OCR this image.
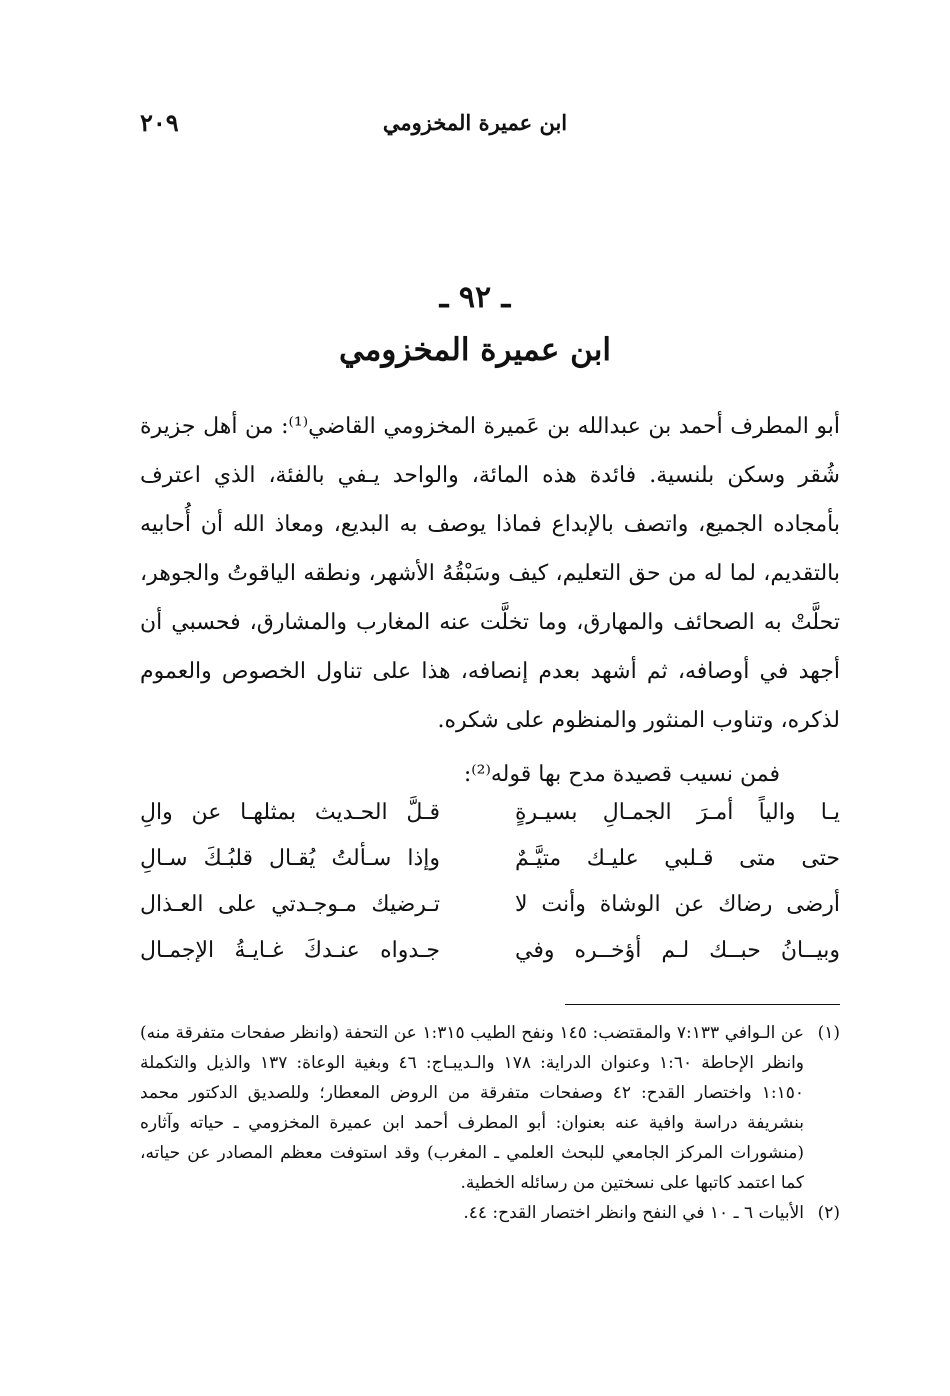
ابن عميرة المخزومي
٢٠٩
ـ ٩٢ ـ
ابن عميرة المخزومي

أبو المطرف أحمد بن عبدالله بن عَميرة المخزومي القاضي⁽¹⁾: من أهل جزيرة شُقر وسكن بلنسية. فائدة هذه المائة، والواحد يـفي بالفئة، الذي اعترف بأمجاده الجميع، واتصف بالإبداع فماذا يوصف به البديع، ومعاذ الله أن أُحابيه بالتقديم، لما له من حق التعليم، كيف وسَبْقُهُ الأشهر، ونطقه الياقوتُ والجوهر، تحلَّتْ به الصحائف والمهارق، وما تخلَّت عنه المغارب والمشارق، فحسبي أن أجهد في أوصافه، ثم أشهد بعدم إنصافه، هذا على تناول الخصوص والعموم لذكره، وتناوب المنثور والمنظوم على شكره.

فمن نسيب قصيدة مدح بها قوله⁽²⁾:
يـا والياً أمـرَ الجمـالِ بسيـرةٍ
قـلَّ الحـديث بمثلهـا عن والِ
حتى متى قـلبي عليـك متيَّـمٌ
وإذا سـألتُ يُقـال قلبُـكَ سـالِ
أرضى رضاك عن الوشاة وأنت لا
تـرضيك مـوجـدتي على العـذال
وبيــانُ حبــك لـم أؤخــره وفي
جـدواه عنـدكَ غـايـةُ الإجمـال
(١)
عن الـوافي ٧:١٣٣ والمقتضب: ١٤٥ ونفح الطيب ١:٣١٥ عن التحفة (وانظر صفحات متفرقة منه) وانظر الإحاطة ١:٦٠ وعنوان الدراية: ١٧٨ والـديبـاج: ٤٦ وبغية الوعاة: ١٣٧ والذيل والتكملة ١:١٥٠ واختصار القدح: ٤٢ وصفحات متفرقة من الروض المعطار؛ وللصديق الدكتور محمد بنشريفة دراسة وافية عنه بعنوان: أبو المطرف أحمد ابن عميرة المخزومي ـ حياته وآثاره (منشورات المركز الجامعي للبحث العلمي ـ المغرب) وقد استوفت معظم المصادر عن حياته، كما اعتمد كاتبها على نسختين من رسائله الخطية.
(٢)
الأبيات ٦ ـ ١٠ في النفح وانظر اختصار القدح: ٤٤.
